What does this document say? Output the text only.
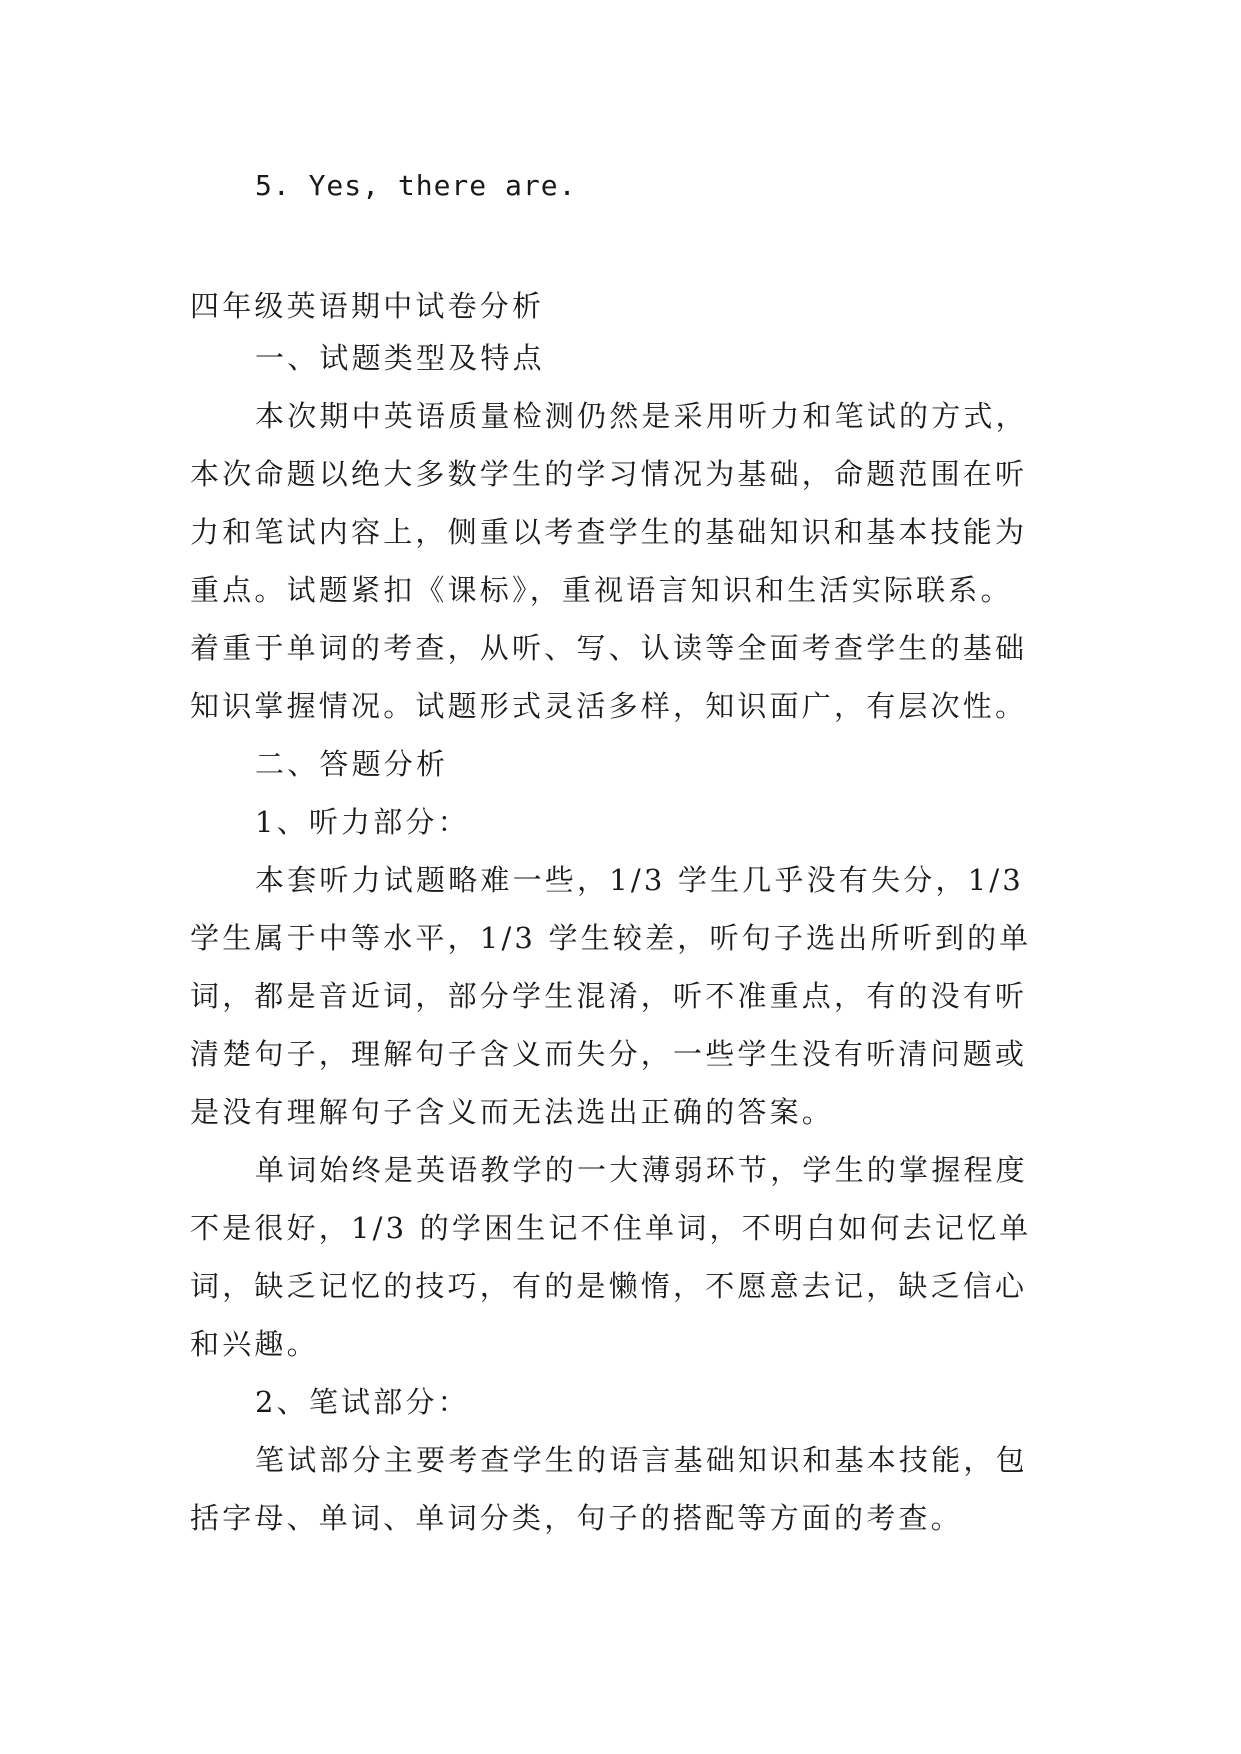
5. Yes, there are.
四年级英语期中试卷分析
一、试题类型及特点
本次期中英语质量检测仍然是采用听力和笔试的方式，
本次命题以绝大多数学生的学习情况为基础，命题范围在听
力和笔试内容上，侧重以考查学生的基础知识和基本技能为
重点。试题紧扣《课标》，重视语言知识和生活实际联系。
着重于单词的考查，从听、写、认读等全面考查学生的基础
知识掌握情况。试题形式灵活多样，知识面广，有层次性。
二、答题分析
1、听力部分：
本套听力试题略难一些，1/3 学生几乎没有失分，1/3
学生属于中等水平，1/3 学生较差，听句子选出所听到的单
词，都是音近词，部分学生混淆，听不准重点，有的没有听
清楚句子，理解句子含义而失分，一些学生没有听清问题或
是没有理解句子含义而无法选出正确的答案。
单词始终是英语教学的一大薄弱环节，学生的掌握程度
不是很好，1/3 的学困生记不住单词，不明白如何去记忆单
词，缺乏记忆的技巧，有的是懒惰，不愿意去记，缺乏信心
和兴趣。
2、笔试部分：
笔试部分主要考查学生的语言基础知识和基本技能，包
括字母、单词、单词分类，句子的搭配等方面的考查。
